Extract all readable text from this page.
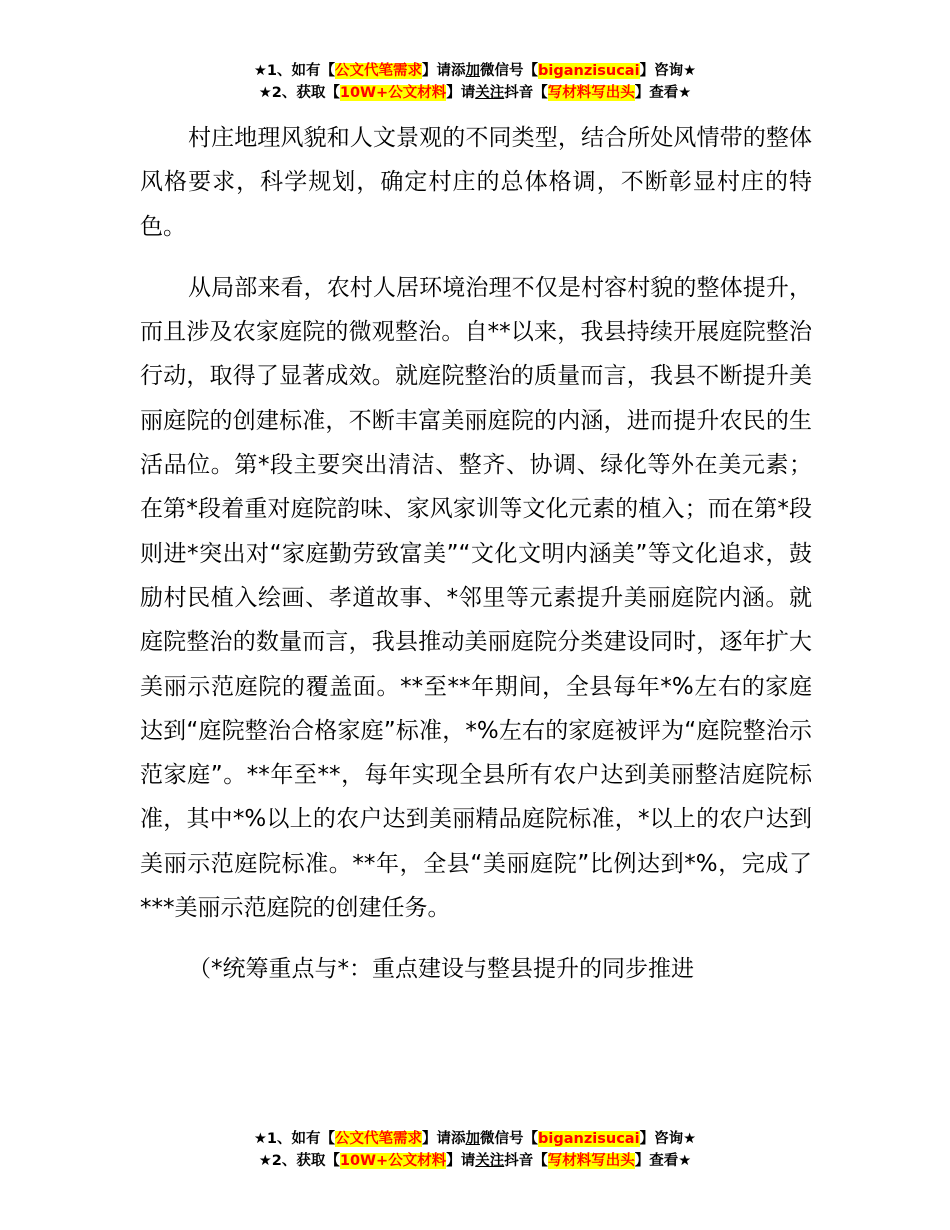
★1、如有【公文代笔需求】请添加微信号【biganzisucai】咨询★
★2、获取【10W+公文材料】请关注抖音【写材料写出头】查看★

村庄地理风貌和人文景观的不同类型，结合所处风情带的整体风格要求，科学规划，确定村庄的总体格调，不断彰显村庄的特色。

从局部来看，农村人居环境治理不仅是村容村貌的整体提升，而且涉及农家庭院的微观整治。自**以来，我县持续开展庭院整治行动，取得了显著成效。就庭院整治的质量而言，我县不断提升美丽庭院的创建标准，不断丰富美丽庭院的内涵，进而提升农民的生活品位。第*段主要突出清洁、整齐、协调、绿化等外在美元素；在第*段着重对庭院韵味、家风家训等文化元素的植入；而在第*段则进*突出对“家庭勤劳致富美”“文化文明内涵美”等文化追求，鼓励村民植入绘画、孝道故事、*邻里等元素提升美丽庭院内涵。就庭院整治的数量而言，我县推动美丽庭院分类建设同时，逐年扩大美丽示范庭院的覆盖面。**至**年期间，全县每年*%左右的家庭达到“庭院整治合格家庭”标准，*%左右的家庭被评为“庭院整治示范家庭”。**年至**，每年实现全县所有农户达到美丽整洁庭院标准，其中*%以上的农户达到美丽精品庭院标准，*以上的农户达到美丽示范庭院标准。**年，全县“美丽庭院”比例达到*%，完成了***美丽示范庭院的创建任务。

（*统筹重点与*：重点建设与整县提升的同步推进

★1、如有【公文代笔需求】请添加微信号【biganzisucai】咨询★
★2、获取【10W+公文材料】请关注抖音【写材料写出头】查看★
